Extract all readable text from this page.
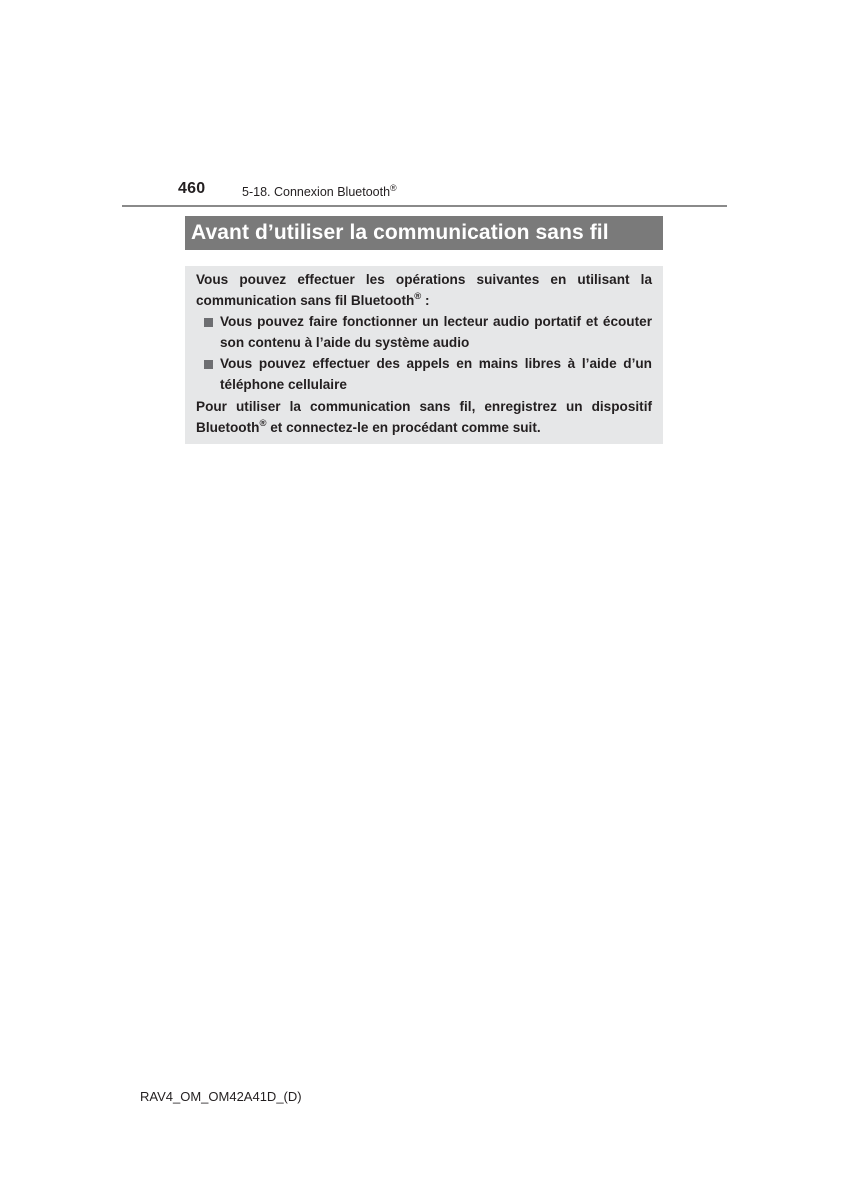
460	5-18. Connexion Bluetooth®
Avant d’utiliser la communication sans fil

Vous pouvez effectuer les opérations suivantes en utilisant la communication sans fil Bluetooth® :

Vous pouvez faire fonctionner un lecteur audio portatif et écouter son contenu à l’aide du système audio
Vous pouvez effectuer des appels en mains libres à l’aide d’un téléphone cellulaire

Pour utiliser la communication sans fil, enregistrez un dispositif Bluetooth® et connectez-le en procédant comme suit.

RAV4_OM_OM42A41D_(D)
